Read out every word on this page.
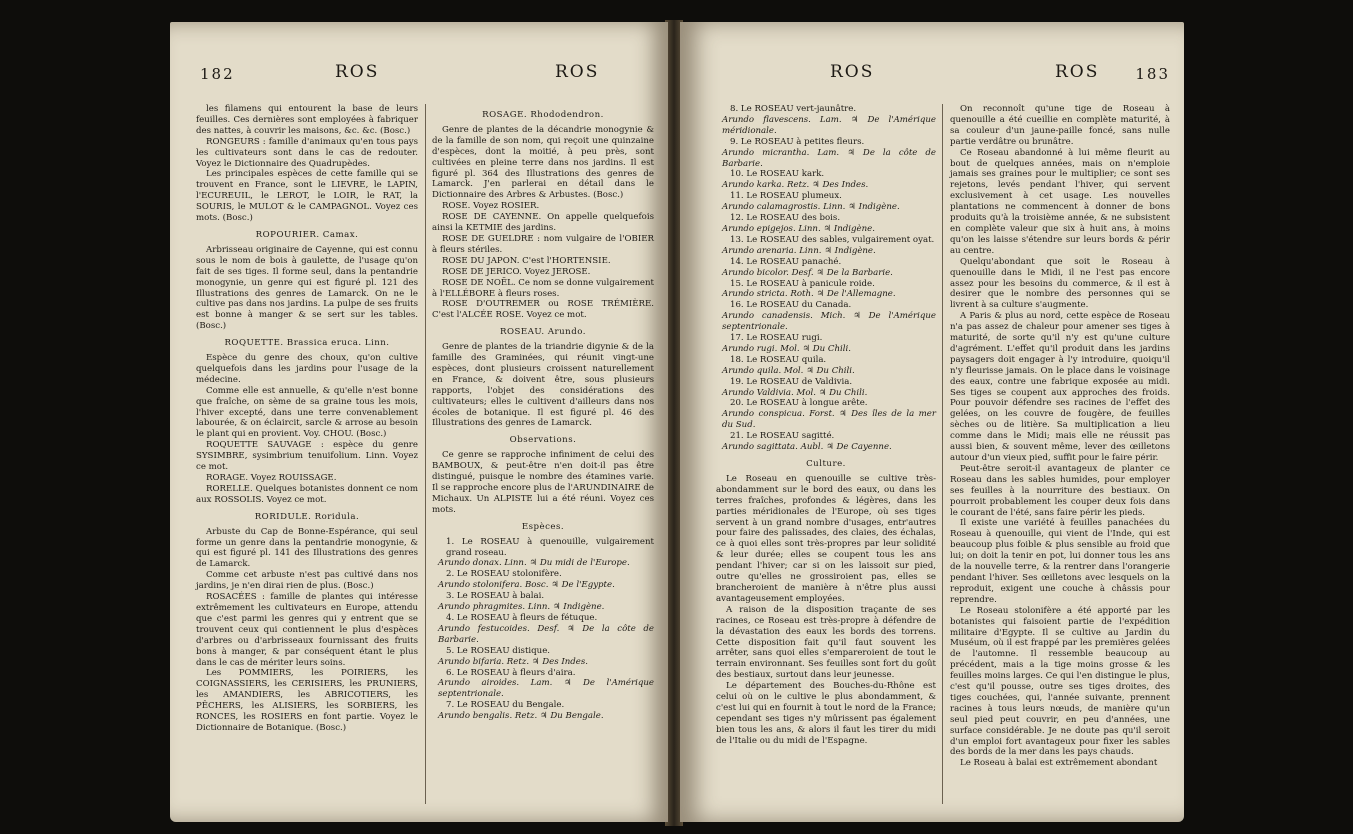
182	ROS	ROS

les filamens qui entourent la base de leurs feuilles. Ces dernières sont employées à fabriquer des nattes, à couvrir les maisons, &c. &c. (Bosc.)

RONGEURS : famille d'animaux qu'en tous pays les cultivateurs sont dans le cas de redouter. Voyez le Dictionnaire des Quadrupèdes.

Les principales espèces de cette famille qui se trouvent en France, sont le LIEVRE, le LAPIN, l'ECUREUIL, le LEROT, le LOIR, le RAT, la SOURIS, le MULOT & le CAMPAGNOL. Voyez ces mots. (Bosc.)

ROPOURIER. Camax.

Arbrisseau originaire de Cayenne, qui est connu sous le nom de bois à gaulette, de l'usage qu'on fait de ses tiges. Il forme seul, dans la pentandrie monogynie, un genre qui est figuré pl. 121 des Illustrations des genres de Lamarck. On ne le cultive pas dans nos jardins. La pulpe de ses fruits est bonne à manger & se sert sur les tables. (Bosc.)

ROQUETTE. Brassica eruca. Linn.

Espèce du genre des choux, qu'on cultive quelquefois dans les jardins pour l'usage de la médecine.

Comme elle est annuelle, & qu'elle n'est bonne que fraîche, on sème de sa graine tous les mois, l'hiver excepté, dans une terre convenablement labourée, & on éclaircit, sarcle & arrose au besoin le plant qui en provient. Voy. CHOU. (Bosc.)

ROQUETTE SAUVAGE : espèce du genre SYSIMBRE, sysimbrium tenuifolium. Linn. Voyez ce mot.

RORAGE. Voyez ROUISSAGE.

RORELLE. Quelques botanistes donnent ce nom aux ROSSOLIS. Voyez ce mot.

RORIDULE. Roridula.

Arbuste du Cap de Bonne-Espérance, qui seul forme un genre dans la pentandrie monogynie, & qui est figuré pl. 141 des Illustrations des genres de Lamarck.

Comme cet arbuste n'est pas cultivé dans nos jardins, je n'en dirai rien de plus. (Bosc.)

ROSACÉES : famille de plantes qui intéresse extrêmement les cultivateurs en Europe, attendu que c'est parmi les genres qui y entrent que se trouvent ceux qui contiennent le plus d'espèces d'arbres ou d'arbrisseaux fournissant des fruits bons à manger, & par conséquent étant le plus dans le cas de mériter leurs soins.

Les POMMIERS, les POIRIERS, les COIGNASSIERS, les CERISIERS, les PRUNIERS, les AMANDIERS, les ABRICOTIERS, les PÊCHERS, les ALISIERS, les SORBIERS, les RONCES, les ROSIERS en font partie. Voyez le Dictionnaire de Botanique. (Bosc.)

ROSAGE. Rhododendron.

Genre de plantes de la décandrie monogynie & de la famille de son nom, qui reçoit une quinzaine d'espèces, dont la moitié, à peu près, sont cultivées en pleine terre dans nos jardins. Il est figuré pl. 364 des Illustrations des genres de Lamarck. J'en parlerai en détail dans le Dictionnaire des Arbres & Arbustes. (Bosc.)

ROSE. Voyez ROSIER.

ROSE DE CAYENNE. On appelle quelquefois ainsi la KETMIE des jardins.

ROSE DE GUELDRE : nom vulgaire de l'OBIER à fleurs stériles.

ROSE DU JAPON. C'est l'HORTENSIE.

ROSE DE JERICO. Voyez JEROSE.

ROSE DE NOËL. Ce nom se donne vulgairement à l'ELLÉBORE à fleurs roses.

ROSE D'OUTREMER ou ROSE TRÉMIÈRE. C'est l'ALCÉE ROSE. Voyez ce mot.

ROSEAU. Arundo.

Genre de plantes de la triandrie digynie & de la famille des Graminées, qui réunit vingt-une espèces, dont plusieurs croissent naturellement en France, & doivent être, sous plusieurs rapports, l'objet des considérations des cultivateurs; elles le cultivent d'ailleurs dans nos écoles de botanique. Il est figuré pl. 46 des Illustrations des genres de Lamarck.

Observations.

Ce genre se rapproche infiniment de celui des BAMBOUX, & peut-être n'en doit-il pas être distingué, puisque le nombre des étamines varie. Il se rapproche encore plus de l'ARUNDINAIRE de Michaux. Un ALPISTE lui a été réuni. Voyez ces mots.

Espèces.

1. Le ROSEAU à quenouille, vulgairement grand roseau.

Arundo donax. Linn. ♃ Du midi de l'Europe.

2. Le ROSEAU stolonifère.

Arundo stolonifera. Bosc. ♃ De l'Egypte.

3. Le ROSEAU à balai.

Arundo phragmites. Linn. ♃ Indigène.

4. Le ROSEAU à fleurs de fétuque.

Arundo festucoides. Desf. ♃ De la côte de Barbarie.

5. Le ROSEAU distique.

Arundo bifaria. Retz. ♃ Des Indes.

6. Le ROSEAU à fleurs d'aira.

Arundo airoides. Lam. ♃ De l'Amérique septentrionale.

7. Le ROSEAU du Bengale.

Arundo bengalis. Retz. ♃ Du Bengale.

ROS	ROS 183

8. Le ROSEAU vert-jaunâtre.

Arundo flavescens. Lam. ♃ De l'Amérique méridionale.

9. Le ROSEAU à petites fleurs.

Arundo micrantha. Lam. ♃ De la côte de Barbarie.

10. Le ROSEAU kark.

Arundo karka. Retz. ♃ Des Indes.

11. Le ROSEAU plumeux.

Arundo calamagrostis. Linn. ♃ Indigène.

12. Le ROSEAU des bois.

Arundo epigejos. Linn. ♃ Indigène.

13. Le ROSEAU des sables, vulgairement oyat.

Arundo arenaria. Linn. ♃ Indigène.

14. Le ROSEAU panaché.

Arundo bicolor. Desf. ♃ De la Barbarie.

15. Le ROSEAU à panicule roide.

Arundo stricta. Roth. ♃ De l'Allemagne.

16. Le ROSEAU du Canada.

Arundo canadensis. Mich. ♃ De l'Amérique septentrionale.

17. Le ROSEAU rugi.

Arundo rugi. Mol. ♃ Du Chili.

18. Le ROSEAU quila.

Arundo quila. Mol. ♃ Du Chili.

19. Le ROSEAU de Valdivia.

Arundo Valdivia. Mol. ♃ Du Chili.

20. Le ROSEAU à longue arête.

Arundo conspicua. Forst. ♃ Des îles de la mer du Sud.

21. Le ROSEAU sagitté.

Arundo sagittata. Aubl. ♃ De Cayenne.

Culture.

Le Roseau en quenouille se cultive très-abondamment sur le bord des eaux, ou dans les terres fraîches, profondes & légères, dans les parties méridionales de l'Europe, où ses tiges servent à un grand nombre d'usages, entr'autres pour faire des palissades, des claies, des échalas, ce à quoi elles sont très-propres par leur solidité & leur durée; elles se coupent tous les ans pendant l'hiver; car si on les laissoit sur pied, outre qu'elles ne grossiroient pas, elles se brancheroient de manière à n'être plus aussi avantageusement employées.

A raison de la disposition traçante de ses racines, ce Roseau est très-propre à défendre de la dévastation des eaux les bords des torrens. Cette disposition fait qu'il faut souvent les arrêter, sans quoi elles s'empareroient de tout le terrain environnant. Ses feuilles sont fort du goût des bestiaux, surtout dans leur jeunesse.

Le département des Bouches-du-Rhône est celui où on le cultive le plus abondamment, & c'est lui qui en fournit à tout le nord de la France; cependant ses tiges n'y mûrissent pas également bien tous les ans, & alors il faut les tirer du midi de l'Italie ou du midi de l'Espagne.

On reconnoît qu'une tige de Roseau à quenouille a été cueillie en complète maturité, à sa couleur d'un jaune-paille foncé, sans nulle partie verdâtre ou brunâtre.

Ce Roseau abandonné à lui même fleurit au bout de quelques années, mais on n'emploie jamais ses graines pour le multiplier; ce sont ses rejetons, levés pendant l'hiver, qui servent exclusivement à cet usage. Les nouvelles plantations ne commencent à donner de bons produits qu'à la troisième année, & ne subsistent en complète valeur que six à huit ans, à moins qu'on les laisse s'étendre sur leurs bords & périr au centre.

Quelqu'abondant que soit le Roseau à quenouille dans le Midi, il ne l'est pas encore assez pour les besoins du commerce, & il est à desirer que le nombre des personnes qui se livrent à sa culture s'augmente.

A Paris & plus au nord, cette espèce de Roseau n'a pas assez de chaleur pour amener ses tiges à maturité, de sorte qu'il n'y est qu'une culture d'agrément. L'effet qu'il produit dans les jardins paysagers doit engager à l'y introduire, quoiqu'il n'y fleurisse jamais. On le place dans le voisinage des eaux, contre une fabrique exposée au midi. Ses tiges se coupent aux approches des froids. Pour pouvoir défendre ses racines de l'effet des gelées, on les couvre de fougère, de feuilles sèches ou de litière. Sa multiplication a lieu comme dans le Midi; mais elle ne réussit pas aussi bien, & souvent même, lever des œilletons autour d'un vieux pied, suffit pour le faire périr.

Peut-être seroit-il avantageux de planter ce Roseau dans les sables humides, pour employer ses feuilles à la nourriture des bestiaux. On pourroit probablement les couper deux fois dans le courant de l'été, sans faire périr les pieds.

Il existe une variété à feuilles panachées du Roseau à quenouille, qui vient de l'Inde, qui est beaucoup plus foible & plus sensible au froid que lui; on doit la tenir en pot, lui donner tous les ans de la nouvelle terre, & la rentrer dans l'orangerie pendant l'hiver. Ses œilletons avec lesquels on la reproduit, exigent une couche à châssis pour reprendre.

Le Roseau stolonifère a été apporté par les botanistes qui faisoient partie de l'expédition militaire d'Egypte. Il se cultive au Jardin du Muséum, où il est frappé par les premières gelées de l'automne. Il ressemble beaucoup au précédent, mais a la tige moins grosse & les feuilles moins larges. Ce qui l'en distingue le plus, c'est qu'il pousse, outre ses tiges droites, des tiges couchées, qui, l'année suivante, prennent racines à tous leurs nœuds, de manière qu'un seul pied peut couvrir, en peu d'années, une surface considérable. Je ne doute pas qu'il seroit d'un emploi fort avantageux pour fixer les sables des bords de la mer dans les pays chauds.

Le Roseau à balai est extrêmement abondant
